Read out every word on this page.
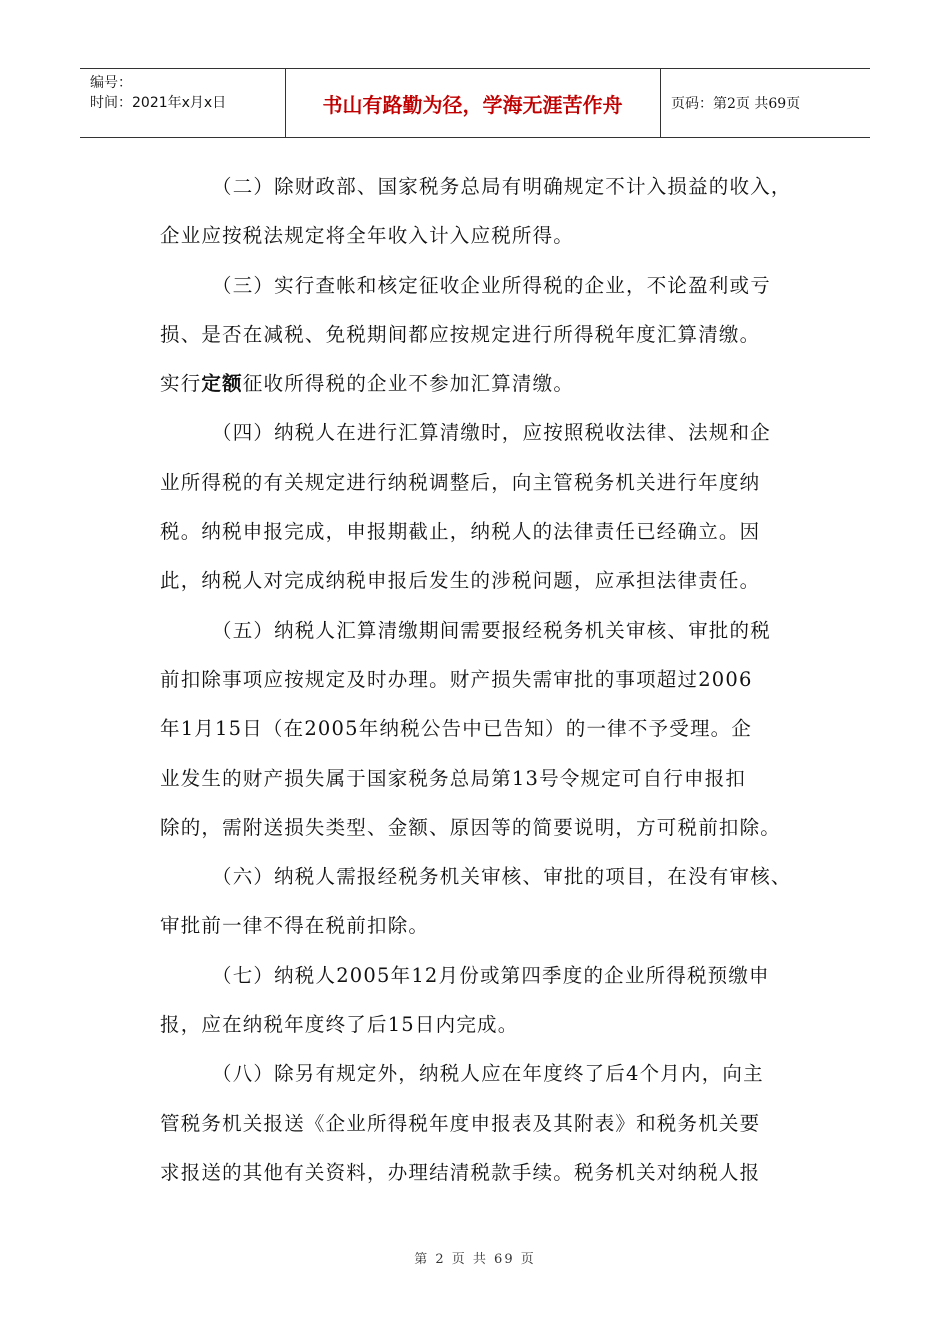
编号：
时间：2021年x月x日	书山有路勤为径，学海无涯苦作舟	页码：第2页 共69页
（二）除财政部、国家税务总局有明确规定不计入损益的收入，
企业应按税法规定将全年收入计入应税所得。
（三）实行查帐和核定征收企业所得税的企业，不论盈利或亏
损、是否在减税、免税期间都应按规定进行所得税年度汇算清缴。
实行定额征收所得税的企业不参加汇算清缴。
（四）纳税人在进行汇算清缴时，应按照税收法律、法规和企
业所得税的有关规定进行纳税调整后，向主管税务机关进行年度纳
税。纳税申报完成，申报期截止，纳税人的法律责任已经确立。因
此，纳税人对完成纳税申报后发生的涉税问题，应承担法律责任。
（五）纳税人汇算清缴期间需要报经税务机关审核、审批的税
前扣除事项应按规定及时办理。财产损失需审批的事项超过2006
年1月15日（在2005年纳税公告中已告知）的一律不予受理。企
业发生的财产损失属于国家税务总局第13号令规定可自行申报扣
除的，需附送损失类型、金额、原因等的简要说明，方可税前扣除。
（六）纳税人需报经税务机关审核、审批的项目，在没有审核、
审批前一律不得在税前扣除。
（七）纳税人2005年12月份或第四季度的企业所得税预缴申
报，应在纳税年度终了后15日内完成。
（八）除另有规定外，纳税人应在年度终了后4个月内，向主
管税务机关报送《企业所得税年度申报表及其附表》和税务机关要
求报送的其他有关资料，办理结清税款手续。税务机关对纳税人报
第 2 页 共 69 页
